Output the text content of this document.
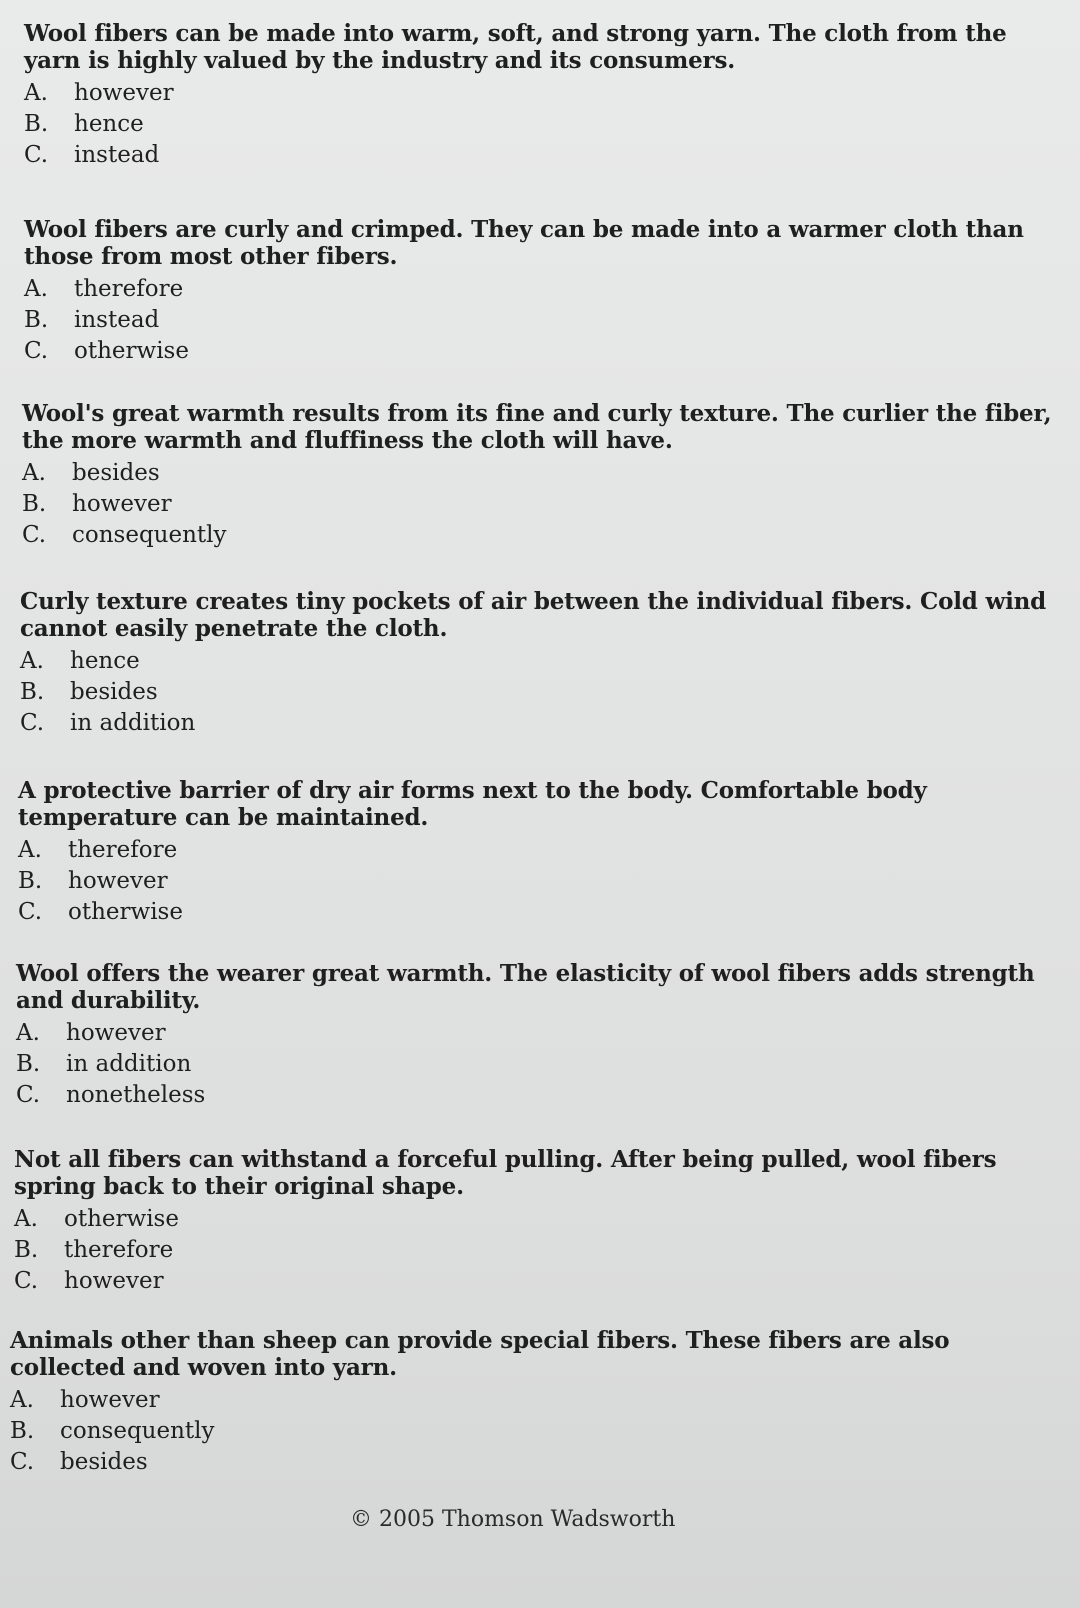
Wool fibers can be made into warm, soft, and strong yarn. The cloth from the yarn is highly valued by the industry and its consumers.

A.	however
B.	hence
C.	instead

Wool fibers are curly and crimped. They can be made into a warmer cloth than those from most other fibers.

A.	therefore
B.	instead
C.	otherwise

Wool's great warmth results from its fine and curly texture. The curlier the fiber, the more warmth and fluffiness the cloth will have.

A.	besides
B.	however
C.	consequently

Curly texture creates tiny pockets of air between the individual fibers. Cold wind cannot easily penetrate the cloth.

A.	hence
B.	besides
C.	in addition

A protective barrier of dry air forms next to the body. Comfortable body temperature can be maintained.

A.	therefore
B.	however
C.	otherwise

Wool offers the wearer great warmth. The elasticity of wool fibers adds strength and durability.

A.	however
B.	in addition
C.	nonetheless

Not all fibers can withstand a forceful pulling. After being pulled, wool fibers spring back to their original shape.

A.	otherwise
B.	therefore
C.	however

Animals other than sheep can provide special fibers. These fibers are also collected and woven into yarn.

A.	however
B.	consequently
C.	besides
© 2005 Thomson Wadsworth
